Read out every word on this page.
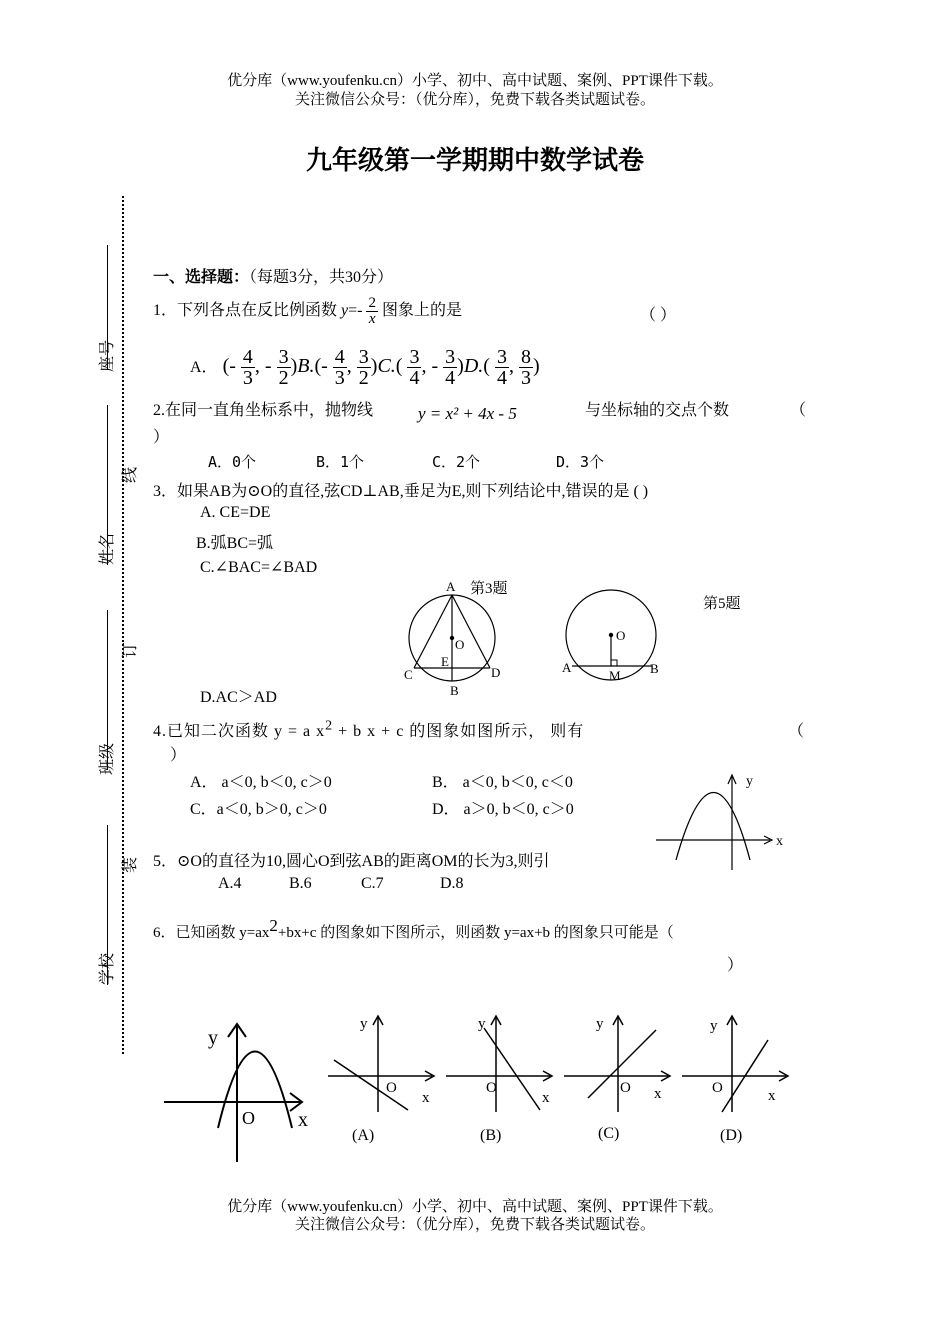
优分库（www.youfenku.cn）小学、初中、高中试题、案例、PPT课件下载。
关注微信公众号：（优分库），免费下载各类试题试卷。
九年级第一学期期中数学试卷
座号
姓名
班级
学校
线
订
装
一、选择题：（每题3分，共30分）
1．下列各点在反比例函数 $y=- \frac{2}{x}$ 图象上的是	（ ）
A． (- $\frac{4}{3}$ , - $\frac{3}{2} )B.(- \frac{4}{3}$ , $\frac{3}{2} )C.( \frac{3}{4}$ , - $\frac{3}{4} )D.( \frac{3}{4}$ , $\frac{8}{3}$ )
2.在同一直角坐标系中，抛物线	y = x² + 4x - 5	与坐标轴的交点个数	（
）
A．0个	B．1个	C．2个	D．3个
3．如果AB为⊙O的直径,弦CD⊥AB,垂足为E,则下列结论中,错误的是 ( )
A. CE=DE
B.弧BC=弧
C.∠BAC=∠BAD
D.AC＞AD
第3题
A
O
E
C	D
B
第5题
O
A
M B
4.已知二次函数 y = a $x^2 + b$ x + c 的图象如图所示， 则有	（
）
A． a＜0, b＜0, c＞0	B． a＜0, b＜0, c＜0
C．a＜0, b＞0, c＞0	D． a＞0, b＜0, c＞0
x
y
5．⊙O的直径为10,圆心O到弦AB的距离OM的长为3,则引
A.4	B.6	C.7	D.8
6．已知函数 $y=ax^2+bx+c$ 的图象如下图所示，则函数 y=ax+b 的图象只可能是（
）
y
O x
y
O
x
(A)
y
O
x
(B)
y
O x
(C)
y
O	x
(D)
优分库（www.youfenku.cn）小学、初中、高中试题、案例、PPT课件下载。
关注微信公众号：（优分库），免费下载各类试题试卷。
